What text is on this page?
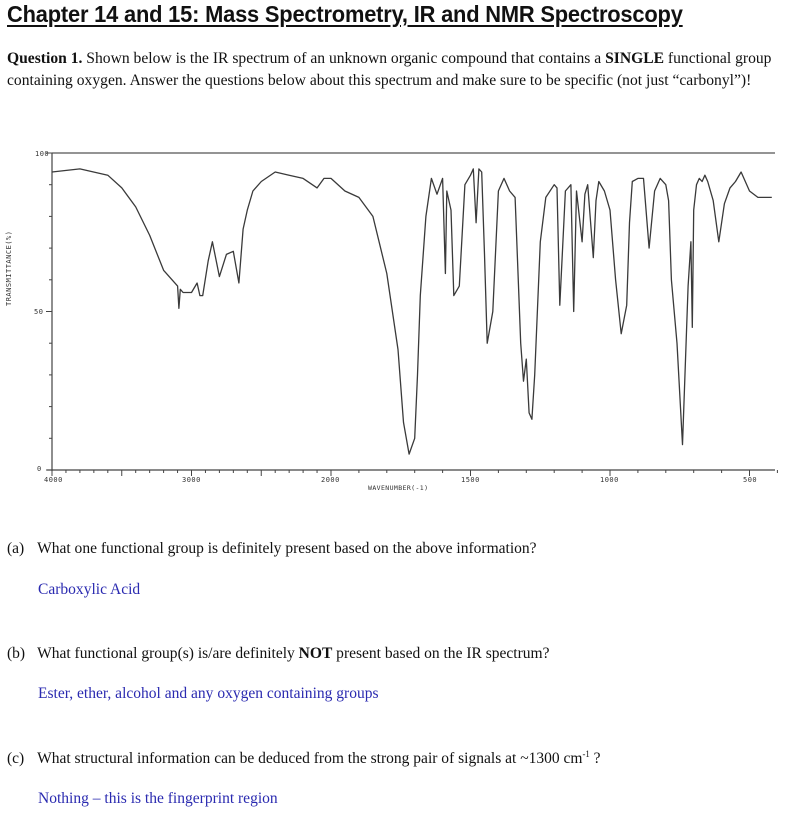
Chapter 14 and 15: Mass Spectrometry, IR and NMR Spectroscopy
Question 1. Shown below is the IR spectrum of an unknown organic compound that contains a SINGLE functional group containing oxygen. Answer the questions below about this spectrum and make sure to be specific (not just “carbonyl”)!
100
50
0
4000	3000	2000	1500	1000	500
TRANSMITTANCE(%)
WAVENUMBER(-1)
(a) What one functional group is definitely present based on the above information?
Carboxylic Acid
(b) What functional group(s) is/are definitely NOT present based on the IR spectrum?
Ester, ether, alcohol and any oxygen containing groups
(c) What structural information can be deduced from the strong pair of signals at ~1300 $cm^{-1}$ ?
Nothing – this is the fingerprint region
